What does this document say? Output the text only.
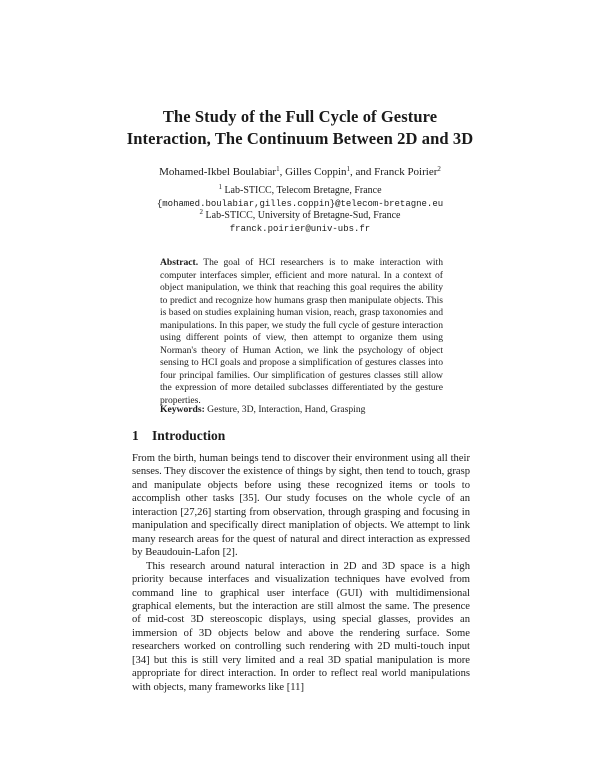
The Study of the Full Cycle of Gesture
Interaction, The Continuum Between 2D and 3D
Mohamed-Ikbel Boulabiar$^1$, Gilles Coppin$^1$, and Franck Poirier$^2$
$^1$ Lab-STICC, Telecom Bretagne, France
{mohamed.boulabiar,gilles.coppin}@telecom-bretagne.eu
$^2$ Lab-STICC, University of Bretagne-Sud, France
franck.poirier@univ-ubs.fr

Abstract. The goal of HCI researchers is to make interaction with computer interfaces simpler, efficient and more natural. In a context of object manipulation, we think that reaching this goal requires the ability to predict and recognize how humans grasp then manipulate objects. This is based on studies explaining human vision, reach, grasp taxonomies and manipulations. In this paper, we study the full cycle of gesture interaction using different points of view, then attempt to organize them using Norman's theory of Human Action, we link the psychology of object sensing to HCI goals and propose a simplification of gestures classes into four principal families. Our simplification of gestures classes still allow the expression of more detailed subclasses differentiated by the gesture properties.

Keywords: Gesture, 3D, Interaction, Hand, Grasping
1 Introduction

From the birth, human beings tend to discover their environment using all their senses. They discover the existence of things by sight, then tend to touch, grasp and manipulate objects before using these recognized items or tools to accomplish other tasks [35]. Our study focuses on the whole cycle of an interaction [27,26] starting from observation, through grasping and focusing in manipulation and specifically direct maniplation of objects. We attempt to link many research areas for the quest of natural and direct interaction as expressed by Beaudouin-Lafon [2].

This research around natural interaction in 2D and 3D space is a high priority because interfaces and visualization techniques have evolved from command line to graphical user interface (GUI) with multidimensional graphical elements, but the interaction are still almost the same. The presence of mid-cost 3D stereoscopic displays, using special glasses, provides an immersion of 3D objects below and above the rendering surface. Some researchers worked on controlling such rendering with 2D multi-touch input [34] but this is still very limited and a real 3D spatial manipulation is more appropriate for direct interaction. In order to reflect real world manipulations with objects, many frameworks like [11]
